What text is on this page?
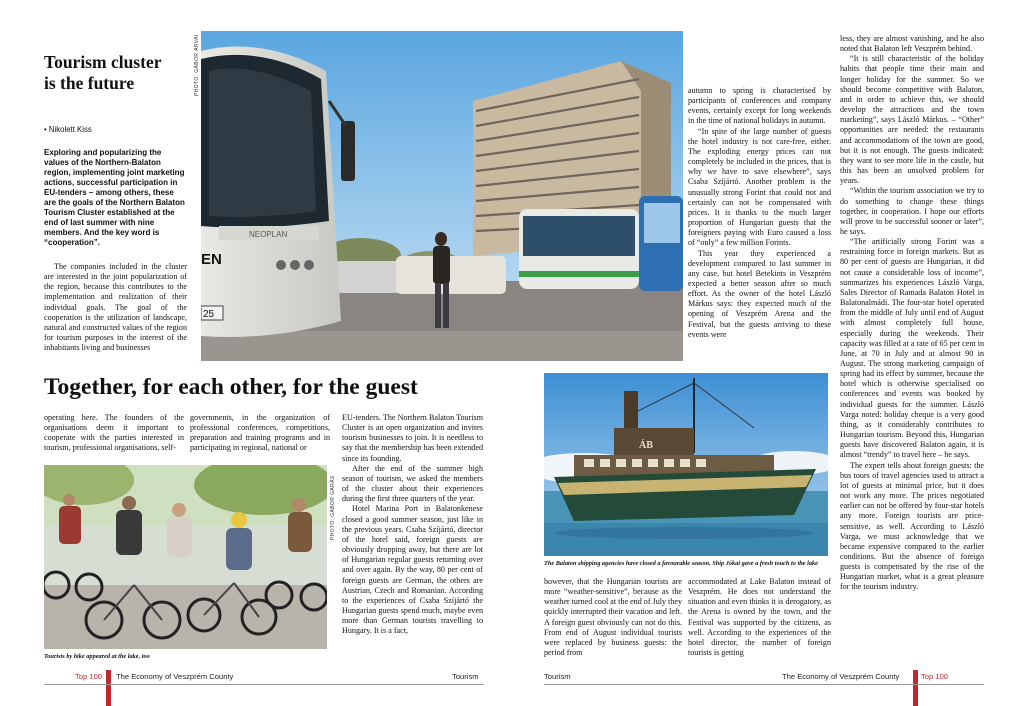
Tourism cluster
is the future
• Nikolett Kiss
Exploring and popularizing the values of the Northern-Balaton region, implementing joint marketing actions, successful participation in EU-tenders – among others, these are the goals of the Northern Balaton Tourism Cluster established at the end of last summer with nine members. And the key word is “cooperation”.

The companies included in the cluster are interested in the joint popularization of the region, because this contributes to the implementation and realization of their individual goals. The goal of the cooperation is the utilization of landscape, natural and constructed values of the region for tourism purposes in the interest of the inhabitants living and businesses

PHOTO: GÁBOR ÁRVAI
NEOPLAN
EN
25
Together, for each other, for the guest

operating here. The founders of the organisations deem it important to cooperate with the parties interested in tourism, professional organisations, self-

governments, in the organization of professional conferences, competitions, preparation and training programs and in participating in regional, national or

Tourists by bike appeared at the lake, too
PHOTO: GÁBOR GARÁS

EU-tenders. The Northern Balaton Tourism Cluster is an open organization and invites tourism businesses to join. It is needless to say that the membership has been extended since its founding.

After the end of the summer high season of tourism, we asked the members of the cluster about their experiences during the first three quarters of the year.

Hotel Marina Port in Balatonkenese closed a good summer season, just like in the previous years. Csaba Szíjártó, director of the hotel said, foreign guests are obviously dropping away, but there are lot of Hungarian regular guests returning over and over again. By the way, 80 per cent of foreign guests are German, the others are Austrian, Czech and Romanian. According to the experiences of Csaba Szíjártó the Hungarian guests spend much, maybe even more than German tourists travelling to Hungary. It is a fact,

Top 100 The Economy of Veszprém County	Tourism

autumn to spring is characterised by participants of conferences and company events, certainly except for long weekends in the time of national holidays in autumn.

“In spite of the large number of guests the hotel industry is not care-free, either. The exploding energy prices can not completely be included in the prices, that is why we have to save elsewhere”, says Csaba Szíjártó. Another problem is the unusually strong Forint that could not and certainly can not be compensated with prices. It is thanks to the much larger proportion of Hungarian guests that the foreigners paying with Euro caused a loss of “only” a few million Forints.

This year they experienced a development compared to last summer in any case, but hotel Betekints in Veszprém expected a better season after so much effort. As the owner of the hotel László Márkus says: they expected much of the opening of Veszprém Arena and the Festival, but the guests arriving to these events were

less, they are almost vanishing, and he also noted that Balaton left Veszprém behind.

“It is still characteristic of the holiday habits that people time their main and longer holiday for the summer. So we should become competitive with Balaton, and in order to achieve this, we should develop the attractions and the town marketing”, says László Márkus. – “Other” opportunities are needed: the restaurants and accommodations of the town are good, but it is not enough. The guests indicated: they want to see more life in the castle, but this has been an unsolved problem for years.

“Within the tourism association we try to do something to change these things together, in cooperation. I hope our efforts will prove to be successful sooner or later”, he says.

“The artificially strong Forint was a restraining force in foreign markets. But as 80 per cent of guests are Hungarian, it did not cause a considerable loss of income”, summarizes his experiences László Varga, Sales Director of Ramada Balaton Hotel in Balatonalmádi. The four-star hotel operated from the middle of July until end of August with almost completely full house, especially during the weekends. Their capacity was filled at a rate of 65 per cent in June, at 70 in July and at almost 90 in August. The strong marketing campaign of spring had its effect by summer, because the hotel which is otherwise specialised on conferences and events was booked by individual guests for the summer. László Varga noted: holiday cheque is a very good thing, as it considerably contributes to Hungarian tourism. Beyond this, Hungarian guests have discovered Balaton again, it is almost “trendy” to travel here – he says.

The expert tells about foreign guests: the bus tours of travel agencies used to attract a lot of guests at minimal price, but it does not work any more. The prices negotiated earlier can not be offered by four-star hotels any more. Foreign tourists are price-sensitive, as well. According to László Varga, we must acknowledge that we became expensive compared to the earlier conditions. But the absence of foreign guests is compensated by the rise of the Hungarian market, what is a great pleasure for the tourism industry.

ÁB
The Balaton shipping agencies have closed a favourable season. Ship Jókai gave a fresh touch to the lake

however, that the Hungarian tourists are more “weather-sensitive”, because as the weather turned cool at the end of July they quickly interrupted their vacation and left. A foreign guest obviously can not do this. From end of August individual tourists were replaced by business guests: the period from

accommodated at Lake Balaton instead of Veszprém. He does not understand the situation and even thinks it is derogatory, as the Arena is owned by the town, and the Festival was supported by the citizens, as well. According to the experiences of the hotel director, the number of foreign tourists is getting

Tourism	The Economy of Veszprém County	Top 100
